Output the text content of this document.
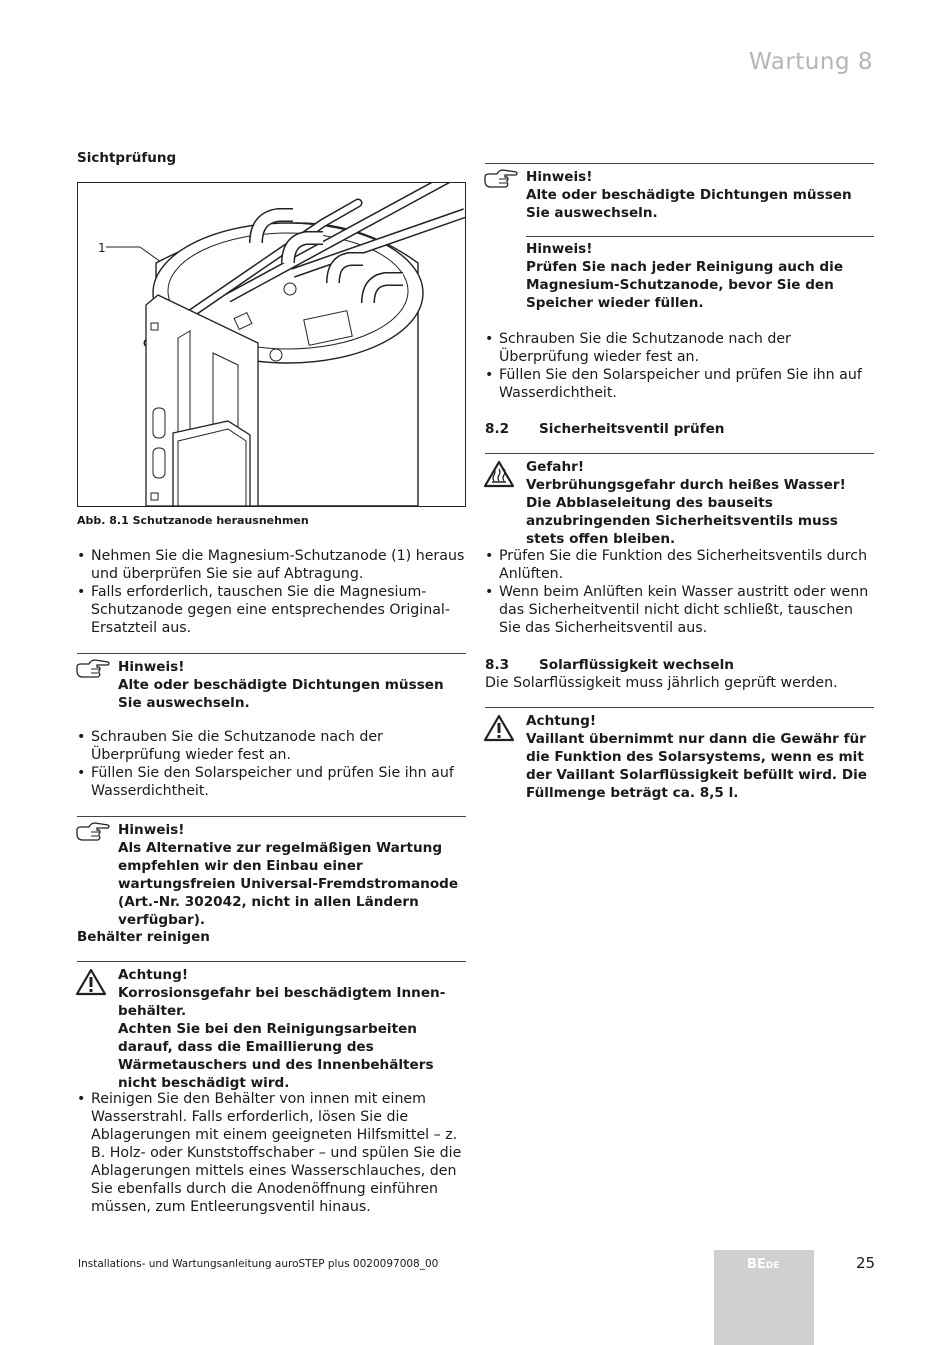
Wartung 8
Sichtprüfung
1
Abb. 8.1 Schutzanode herausnehmen
• Nehmen Sie die Magnesium-Schutzanode (1) heraus und überprüfen Sie sie auf Abtragung.
• Falls erforderlich, tauschen Sie die Magnesium-Schutzanode gegen eine entsprechendes Original-Ersatzteil aus.

Hinweis!

Alte oder beschädigte Dichtungen müssen Sie auswechseln.

• Schrauben Sie die Schutzanode nach der Überprüfung wieder fest an.
• Füllen Sie den Solarspeicher und prüfen Sie ihn auf Wasserdichtheit.

Hinweis!

Als Alternative zur regelmäßigen Wartung empfehlen wir den Einbau einer wartungsfreien Universal-Fremdstromanode (Art.-Nr. 302042, nicht in allen Ländern verfügbar).

Behälter reinigen

Achtung!

Korrosionsgefahr bei beschädigtem Innenbehälter.

Achten Sie bei den Reinigungsarbeiten darauf, dass die Emaillierung des Wärmetauschers und des Innenbehälters nicht beschädigt wird.

• Reinigen Sie den Behälter von innen mit einem Wasserstrahl. Falls erforderlich, lösen Sie die Ablagerungen mit einem geeigneten Hilfsmittel – z. B. Holz- oder Kunststoffschaber – und spülen Sie die Ablagerungen mittels eines Wasserschlauches, den Sie ebenfalls durch die Anodenöffnung einführen müssen, zum Entleerungsventil hinaus.

Hinweis!

Alte oder beschädigte Dichtungen müssen Sie auswechseln.

Hinweis!

Prüfen Sie nach jeder Reinigung auch die Magnesium-Schutzanode, bevor Sie den Speicher wieder füllen.

• Schrauben Sie die Schutzanode nach der Überprüfung wieder fest an.
• Füllen Sie den Solarspeicher und prüfen Sie ihn auf Wasserdichtheit.
8.2 Sicherheitsventil prüfen

Gefahr!

Verbrühungsgefahr durch heißes Wasser!

Die Abblaseleitung des bauseits anzubringenden Sicherheitsventils muss stets offen bleiben.

• Prüfen Sie die Funktion des Sicherheitsventils durch Anlüften.
• Wenn beim Anlüften kein Wasser austritt oder wenn das Sicherheitventil nicht dicht schließt, tauschen Sie das Sicherheitsventil aus.
8.3 Solarflüssigkeit wechseln
Die Solarflüssigkeit muss jährlich geprüft werden.

Achtung!

Vaillant übernimmt nur dann die Gewähr für die Funktion des Solarsystems, wenn es mit der Vaillant Solarflüssigkeit befüllt wird. Die Füllmenge beträgt ca. 8,5 l.

Installations- und Wartungsanleitung auroSTEP plus 0020097008_00	BEDE	25
